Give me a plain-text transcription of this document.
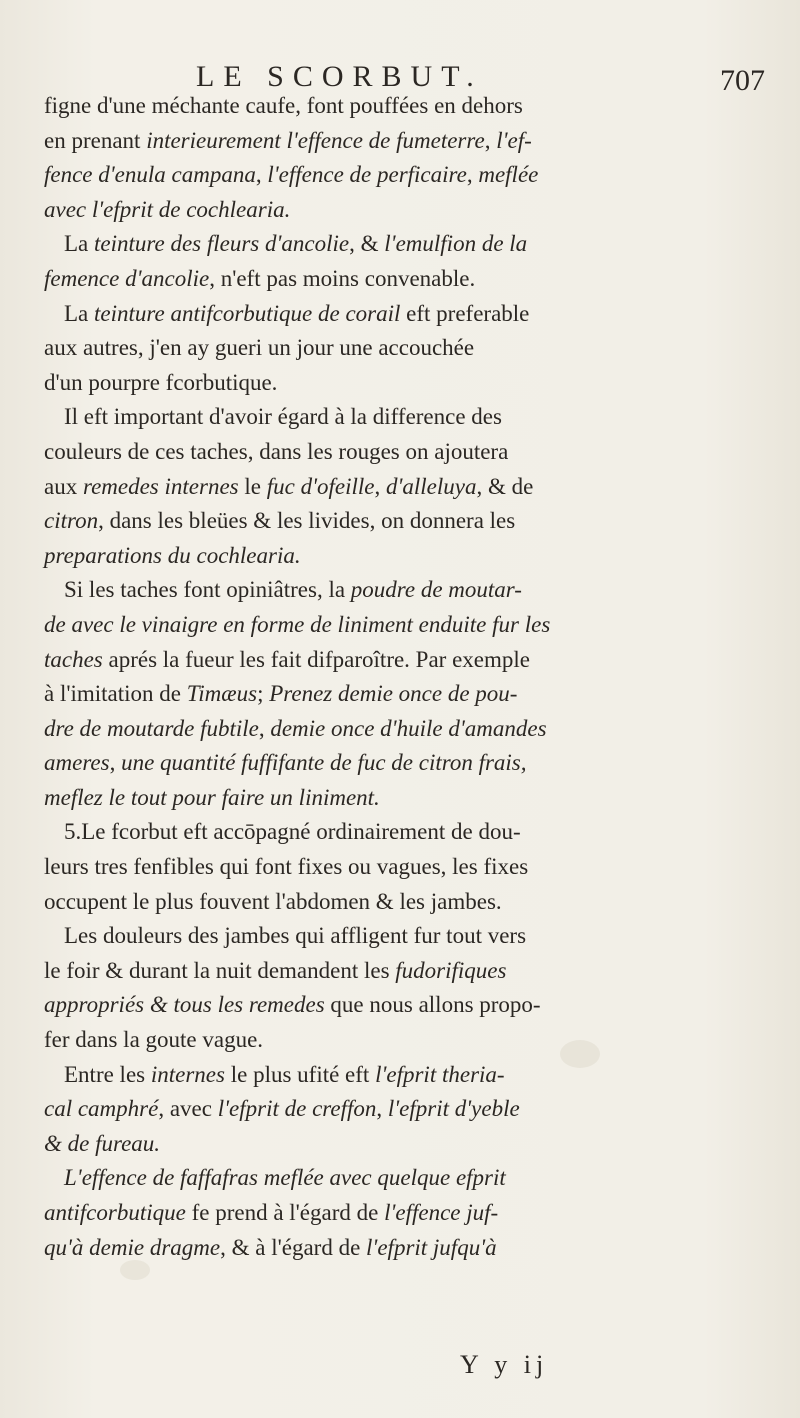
LE SCORBUT.	707
figne d'une méchante caufe, font pouffées en dehors
en prenant interieurement l'effence de fumeterre, l'ef-
fence d'enula campana, l'effence de perficaire, meflée
avec l'efprit de cochlearia.
La teinture des fleurs d'ancolie, & l'emulfion de la
femence d'ancolie, n'eft pas moins convenable.
La teinture antifcorbutique de corail eft preferable
aux autres, j'en ay gueri un jour une accouchée
d'un pourpre fcorbutique.
Il eft important d'avoir égard à la difference des
couleurs de ces taches, dans les rouges on ajoutera
aux remedes internes le fuc d'ofeille, d'alleluya, & de
citron, dans les bleües & les livides, on donnera les
preparations du cochlearia.
Si les taches font opiniâtres, la poudre de moutar-
de avec le vinaigre en forme de liniment enduite fur les
taches aprés la fueur les fait difparoître. Par exemple
à l'imitation de Timæus; Prenez demie once de pou-
dre de moutarde fubtile, demie once d'huile d'amandes
ameres, une quantité fuffifante de fuc de citron frais,
meflez le tout pour faire un liniment.
5.Le fcorbut eft accōpagné ordinairement de dou-
leurs tres fenfibles qui font fixes ou vagues, les fixes
occupent le plus fouvent l'abdomen & les jambes.
Les douleurs des jambes qui affligent fur tout vers
le foir & durant la nuit demandent les fudorifiques
appropriés & tous les remedes que nous allons propo-
fer dans la goute vague.
Entre les internes le plus ufité eft l'efprit theria-
cal camphré, avec l'efprit de creffon, l'efprit d'yeble
& de fureau.
L'effence de faffafras meflée avec quelque efprit
antifcorbutique fe prend à l'égard de l'effence juf-
qu'à demie dragme, & à l'égard de l'efprit jufqu'à
Y y ij
